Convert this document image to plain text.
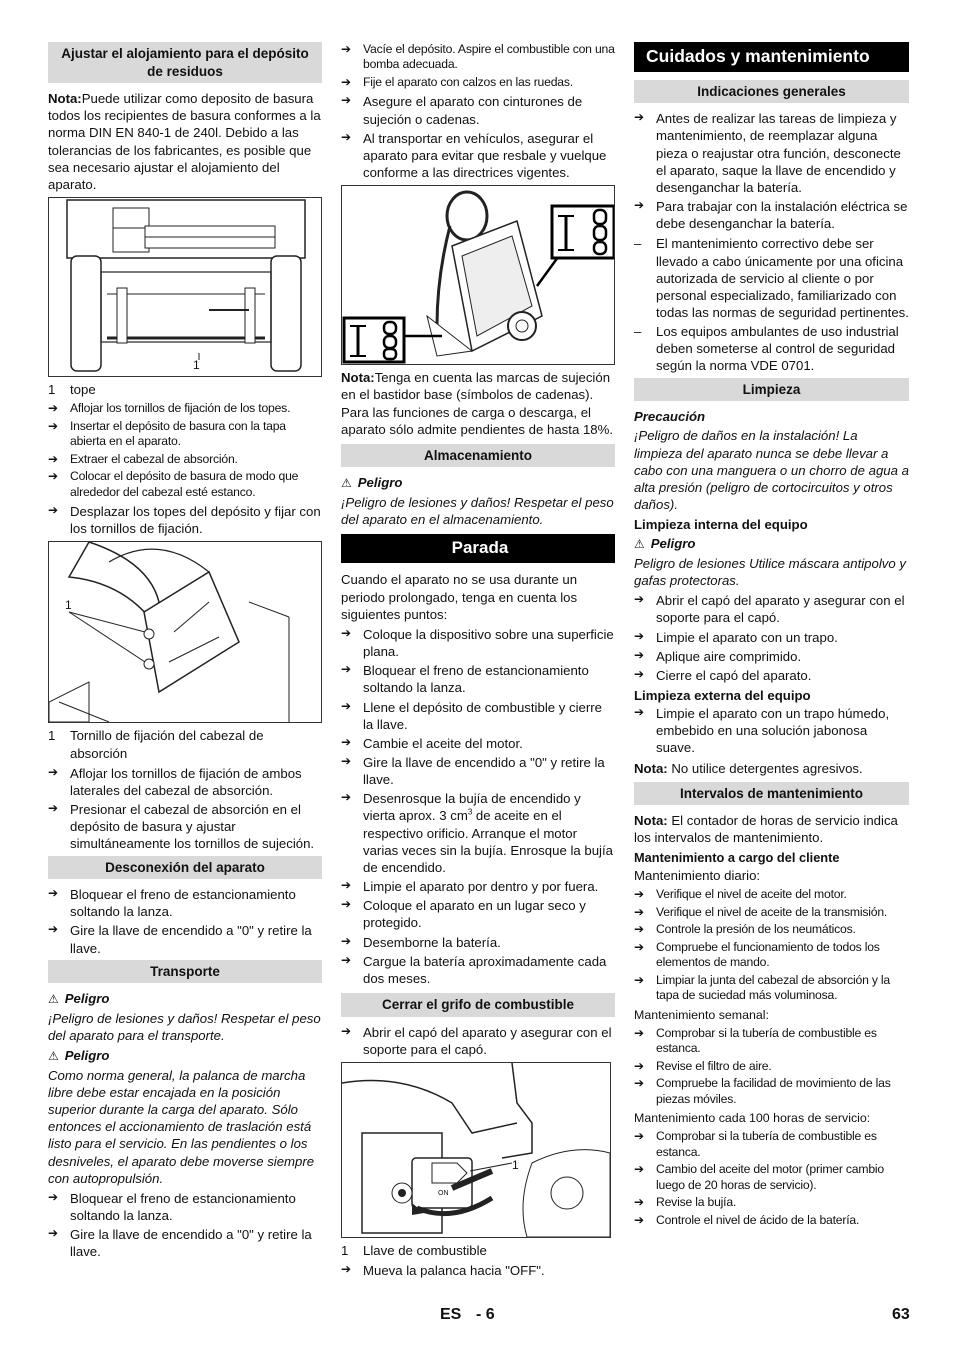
Ajustar el alojamiento para el depósito de residuos

Nota:Puede utilizar como deposito de basura todos los recipientes de basura conformes a la norma DIN EN 840-1 de 240l. Debido a las tolerancias de los fabricantes, es posible que sea necesario ajustar el alojamiento del aparato.

1
1 tope
➔ Aflojar los tornillos de fijación de los topes.
➔ Insertar el depósito de basura con la tapa abierta en el aparato.
➔ Extraer el cabezal de absorción.
➔ Colocar el depósito de basura de modo que alrededor del cabezal esté estanco.
➔ Desplazar los topes del depósito y fijar con los tornillos de fijación.
1
1 Tornillo de fijación del cabezal de absorción
➔ Aflojar los tornillos de fijación de ambos laterales del cabezal de absorción.
➔ Presionar el cabezal de absorción en el depósito de basura y ajustar simultáneamente los tornillos de sujeción.
Desconexión del aparato
➔ Bloquear el freno de estancionamiento soltando la lanza.
➔ Gire la llave de encendido a "0" y retire la llave.
Transporte
⚠ Peligro

¡Peligro de lesiones y daños! Respetar el peso del aparato para el transporte.

⚠ Peligro

Como norma general, la palanca de marcha libre debe estar encajada en la posición superior durante la carga del aparato. Sólo entonces el accionamiento de traslación está listo para el servicio. En las pendientes o los desniveles, el aparato debe moverse siempre con autopropulsión.

➔ Bloquear el freno de estancionamiento soltando la lanza.
➔ Gire la llave de encendido a "0" y retire la llave.
➔ Vacíe el depósito. Aspire el combustible con una bomba adecuada.
➔ Fije el aparato con calzos en las ruedas.
➔ Asegure el aparato con cinturones de sujeción o cadenas.
➔ Al transportar en vehículos, asegurar el aparato para evitar que resbale y vuelque conforme a las directrices vigentes.

Nota:Tenga en cuenta las marcas de sujeción en el bastidor base (símbolos de cadenas). Para las funciones de carga o descarga, el aparato sólo admite pendientes de hasta 18%.

Almacenamiento
⚠ Peligro

¡Peligro de lesiones y daños! Respetar el peso del aparato en el almacenamiento.

Parada

Cuando el aparato no se usa durante un periodo prolongado, tenga en cuenta los siguientes puntos:

➔ Coloque la dispositivo sobre una superficie plana.
➔ Bloquear el freno de estancionamiento soltando la lanza.
➔ Llene el depósito de combustible y cierre la llave.
➔ Cambie el aceite del motor.
➔ Gire la llave de encendido a "0" y retire la llave.
➔ Desenrosque la bujía de encendido y vierta aprox. 3 $cm^3$ de aceite en el respectivo orificio. Arranque el motor varias veces sin la bujía. Enrosque la bujía de encendido.
➔ Limpie el aparato por dentro y por fuera.
➔ Coloque el aparato en un lugar seco y protegido.
➔ Desemborne la batería.
➔ Cargue la batería aproximadamente cada dos meses.
Cerrar el grifo de combustible
➔ Abrir el capó del aparato y asegurar con el soporte para el capó.
1
ON
1 Llave de combustible
➔ Mueva la palanca hacia "OFF".
Cuidados y mantenimiento
Indicaciones generales
➔ Antes de realizar las tareas de limpieza y mantenimiento, de reemplazar alguna pieza o reajustar otra función, desconecte el aparato, saque la llave de encendido y desenganchar la batería.
➔ Para trabajar con la instalación eléctrica se debe desenganchar la batería.
– El mantenimiento correctivo debe ser llevado a cabo únicamente por una oficina autorizada de servicio al cliente o por personal especializado, familiarizado con todas las normas de seguridad pertinentes.
– Los equipos ambulantes de uso industrial deben someterse al control de seguridad según la norma VDE 0701.
Limpieza
Precaución

¡Peligro de daños en la instalación! La limpieza del aparato nunca se debe llevar a cabo con una manguera o un chorro de agua a alta presión (peligro de cortocircuitos y otros daños).

Limpieza interna del equipo
⚠ Peligro

Peligro de lesiones Utilice máscara antipolvo y gafas protectoras.

➔ Abrir el capó del aparato y asegurar con el soporte para el capó.
➔ Limpie el aparato con un trapo.
➔ Aplique aire comprimido.
➔ Cierre el capó del aparato.
Limpieza externa del equipo
➔ Limpie el aparato con un trapo húmedo, embebido en una solución jabonosa suave.

Nota: No utilice detergentes agresivos.

Intervalos de mantenimiento

Nota: El contador de horas de servicio indica los intervalos de mantenimiento.

Mantenimiento a cargo del cliente

Mantenimiento diario:

➔ Verifique el nivel de aceite del motor.
➔ Verifique el nivel de aceite de la transmisión.
➔ Controle la presión de los neumáticos.
➔ Compruebe el funcionamiento de todos los elementos de mando.
➔ Limpiar la junta del cabezal de absorción y la tapa de suciedad más voluminosa.

Mantenimiento semanal:

➔ Comprobar si la tubería de combustible es estanca.
➔ Revise el filtro de aire.
➔ Compruebe la facilidad de movimiento de las piezas móviles.

Mantenimiento cada 100 horas de servicio:

➔ Comprobar si la tubería de combustible es estanca.
➔ Cambio del aceite del motor (primer cambio luego de 20 horas de servicio).
➔ Revise la bujía.
➔ Controle el nivel de ácido de la batería.
ES - 6	63
